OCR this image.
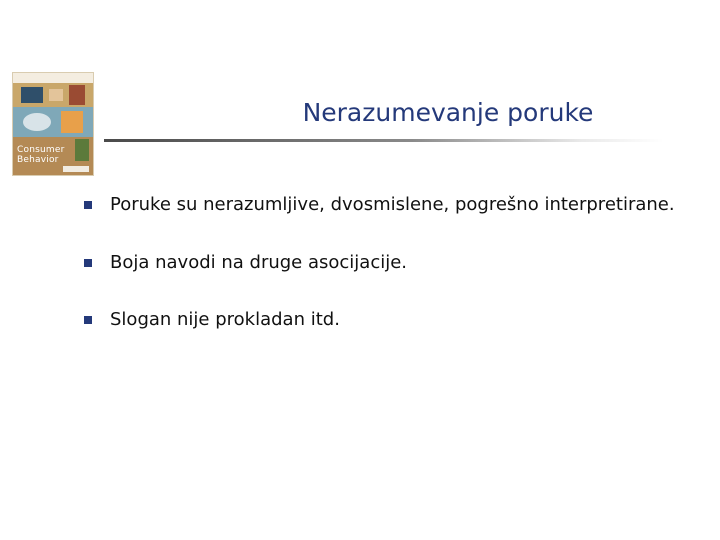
Consumer Behavior
Nerazumevanje poruke
Poruke su nerazumljive, dvosmislene, pogrešno interpretirane.
Boja navodi na druge asocijacije.
Slogan nije prokladan itd.
